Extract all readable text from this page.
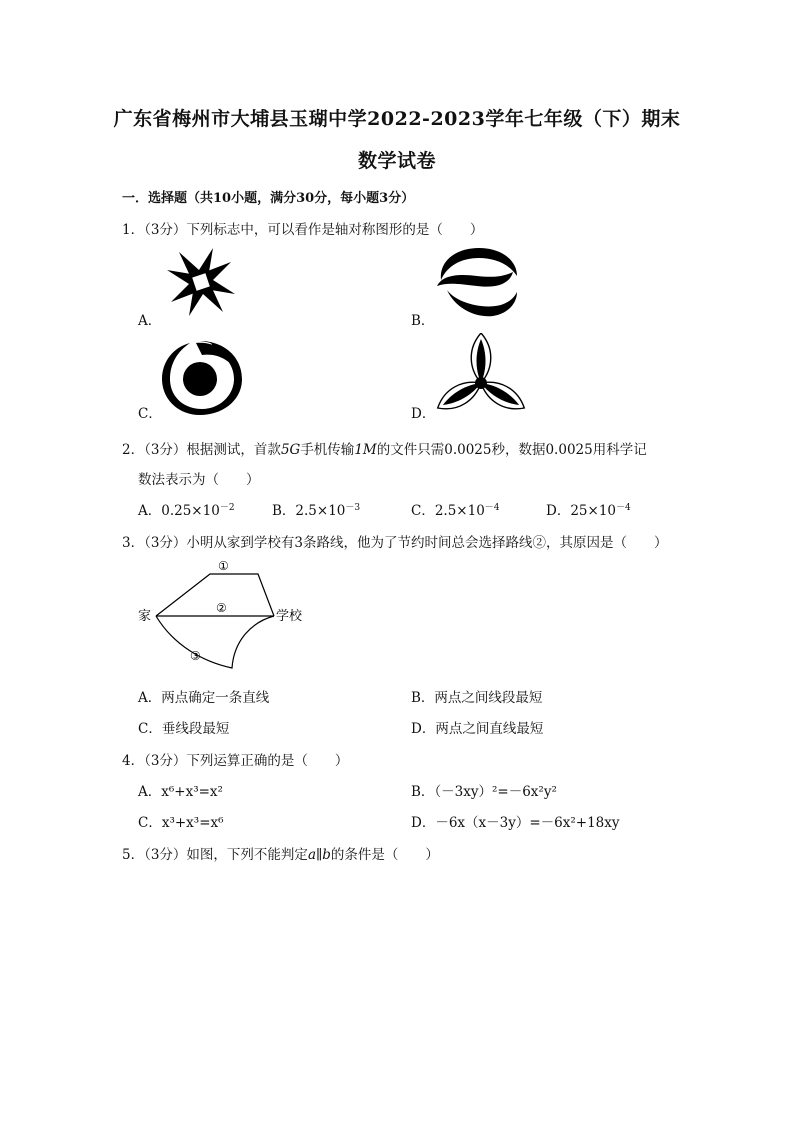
广东省梅州市大埔县玉瑚中学2022-2023学年七年级（下）期末
数学试卷
一．选择题（共10小题，满分30分，每小题3分）
1．（3分）下列标志中，可以看作是轴对称图形的是（　　）
A．	B．
C．	D．
2．（3分）根据测试，首款5G手机传输1M的文件只需0.0025秒，数据0.0025用科学记
数法表示为（　　）
A．$0.25\times 10^{-2}$	B．$2.5\times 10^{-3}$	C．$2.5\times 10^{-4}$	D．$25\times 10^{-4}$
3．（3分）小明从家到学校有3条路线，他为了节约时间总会选择路线②，其原因是（　　）
家	学校
①
②
③
A．两点确定一条直线	B．两点之间线段最短
C．垂线段最短	D．两点之间直线最短
4．（3分）下列运算正确的是（　　）
A．x⁶+x³=x²	B．（－3xy）²=－6x²y²
C．x³+x³=x⁶	D．－6x（x－3y）=－6x²+18xy
5．（3分）如图，下列不能判定a∥b的条件是（　　）
